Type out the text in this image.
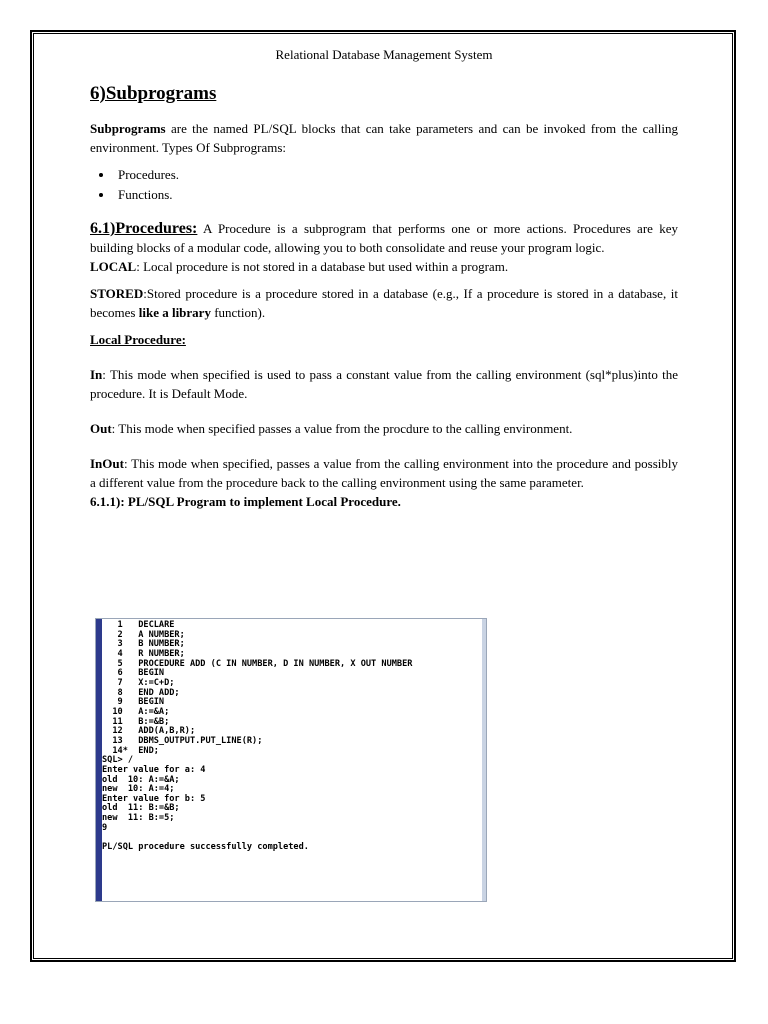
Relational Database Management System
6)Subprograms

Subprograms are the named PL/SQL blocks that can take parameters and can be invoked from the calling environment. Types Of Subprograms:

• Procedures.
• Functions.

6.1)Procedures: A Procedure is a subprogram that performs one or more actions. Procedures are key building blocks of a modular code, allowing you to both consolidate and reuse your program logic.

LOCAL: Local procedure is not stored in a database but used within a program.

STORED:Stored procedure is a procedure stored in a database (e.g., If a procedure is stored in a database, it becomes like a library function).

Local Procedure:

In: This mode when specified is used to pass a constant value from the calling environment (sql*plus)into the procedure. It is Default Mode.

Out: This mode when specified passes a value from the procdure to the calling environment.

InOut: This mode when specified, passes a value from the calling environment into the procedure and possibly a different value from the procedure back to the calling environment using the same parameter.

6.1.1): PL/SQL Program to implement Local Procedure.

1   DECLARE
2   A NUMBER;
3   B NUMBER;
4   R NUMBER;
5   PROCEDURE ADD (C IN NUMBER, D IN NUMBER, X OUT NUMBER
6   BEGIN
7   X:=C+D;
8   END ADD;
9   BEGIN
10   A:=&A;
11   B:=&B;
12   ADD(A,B,R);
13   DBMS_OUTPUT.PUT_LINE(R);
14*  END;
SQL> /
Enter value for a: 4
old  10: A:=&A;
new  10: A:=4;
Enter value for b: 5
old  11: B:=&B;
new  11: B:=5;
9

PL/SQL procedure successfully completed.
